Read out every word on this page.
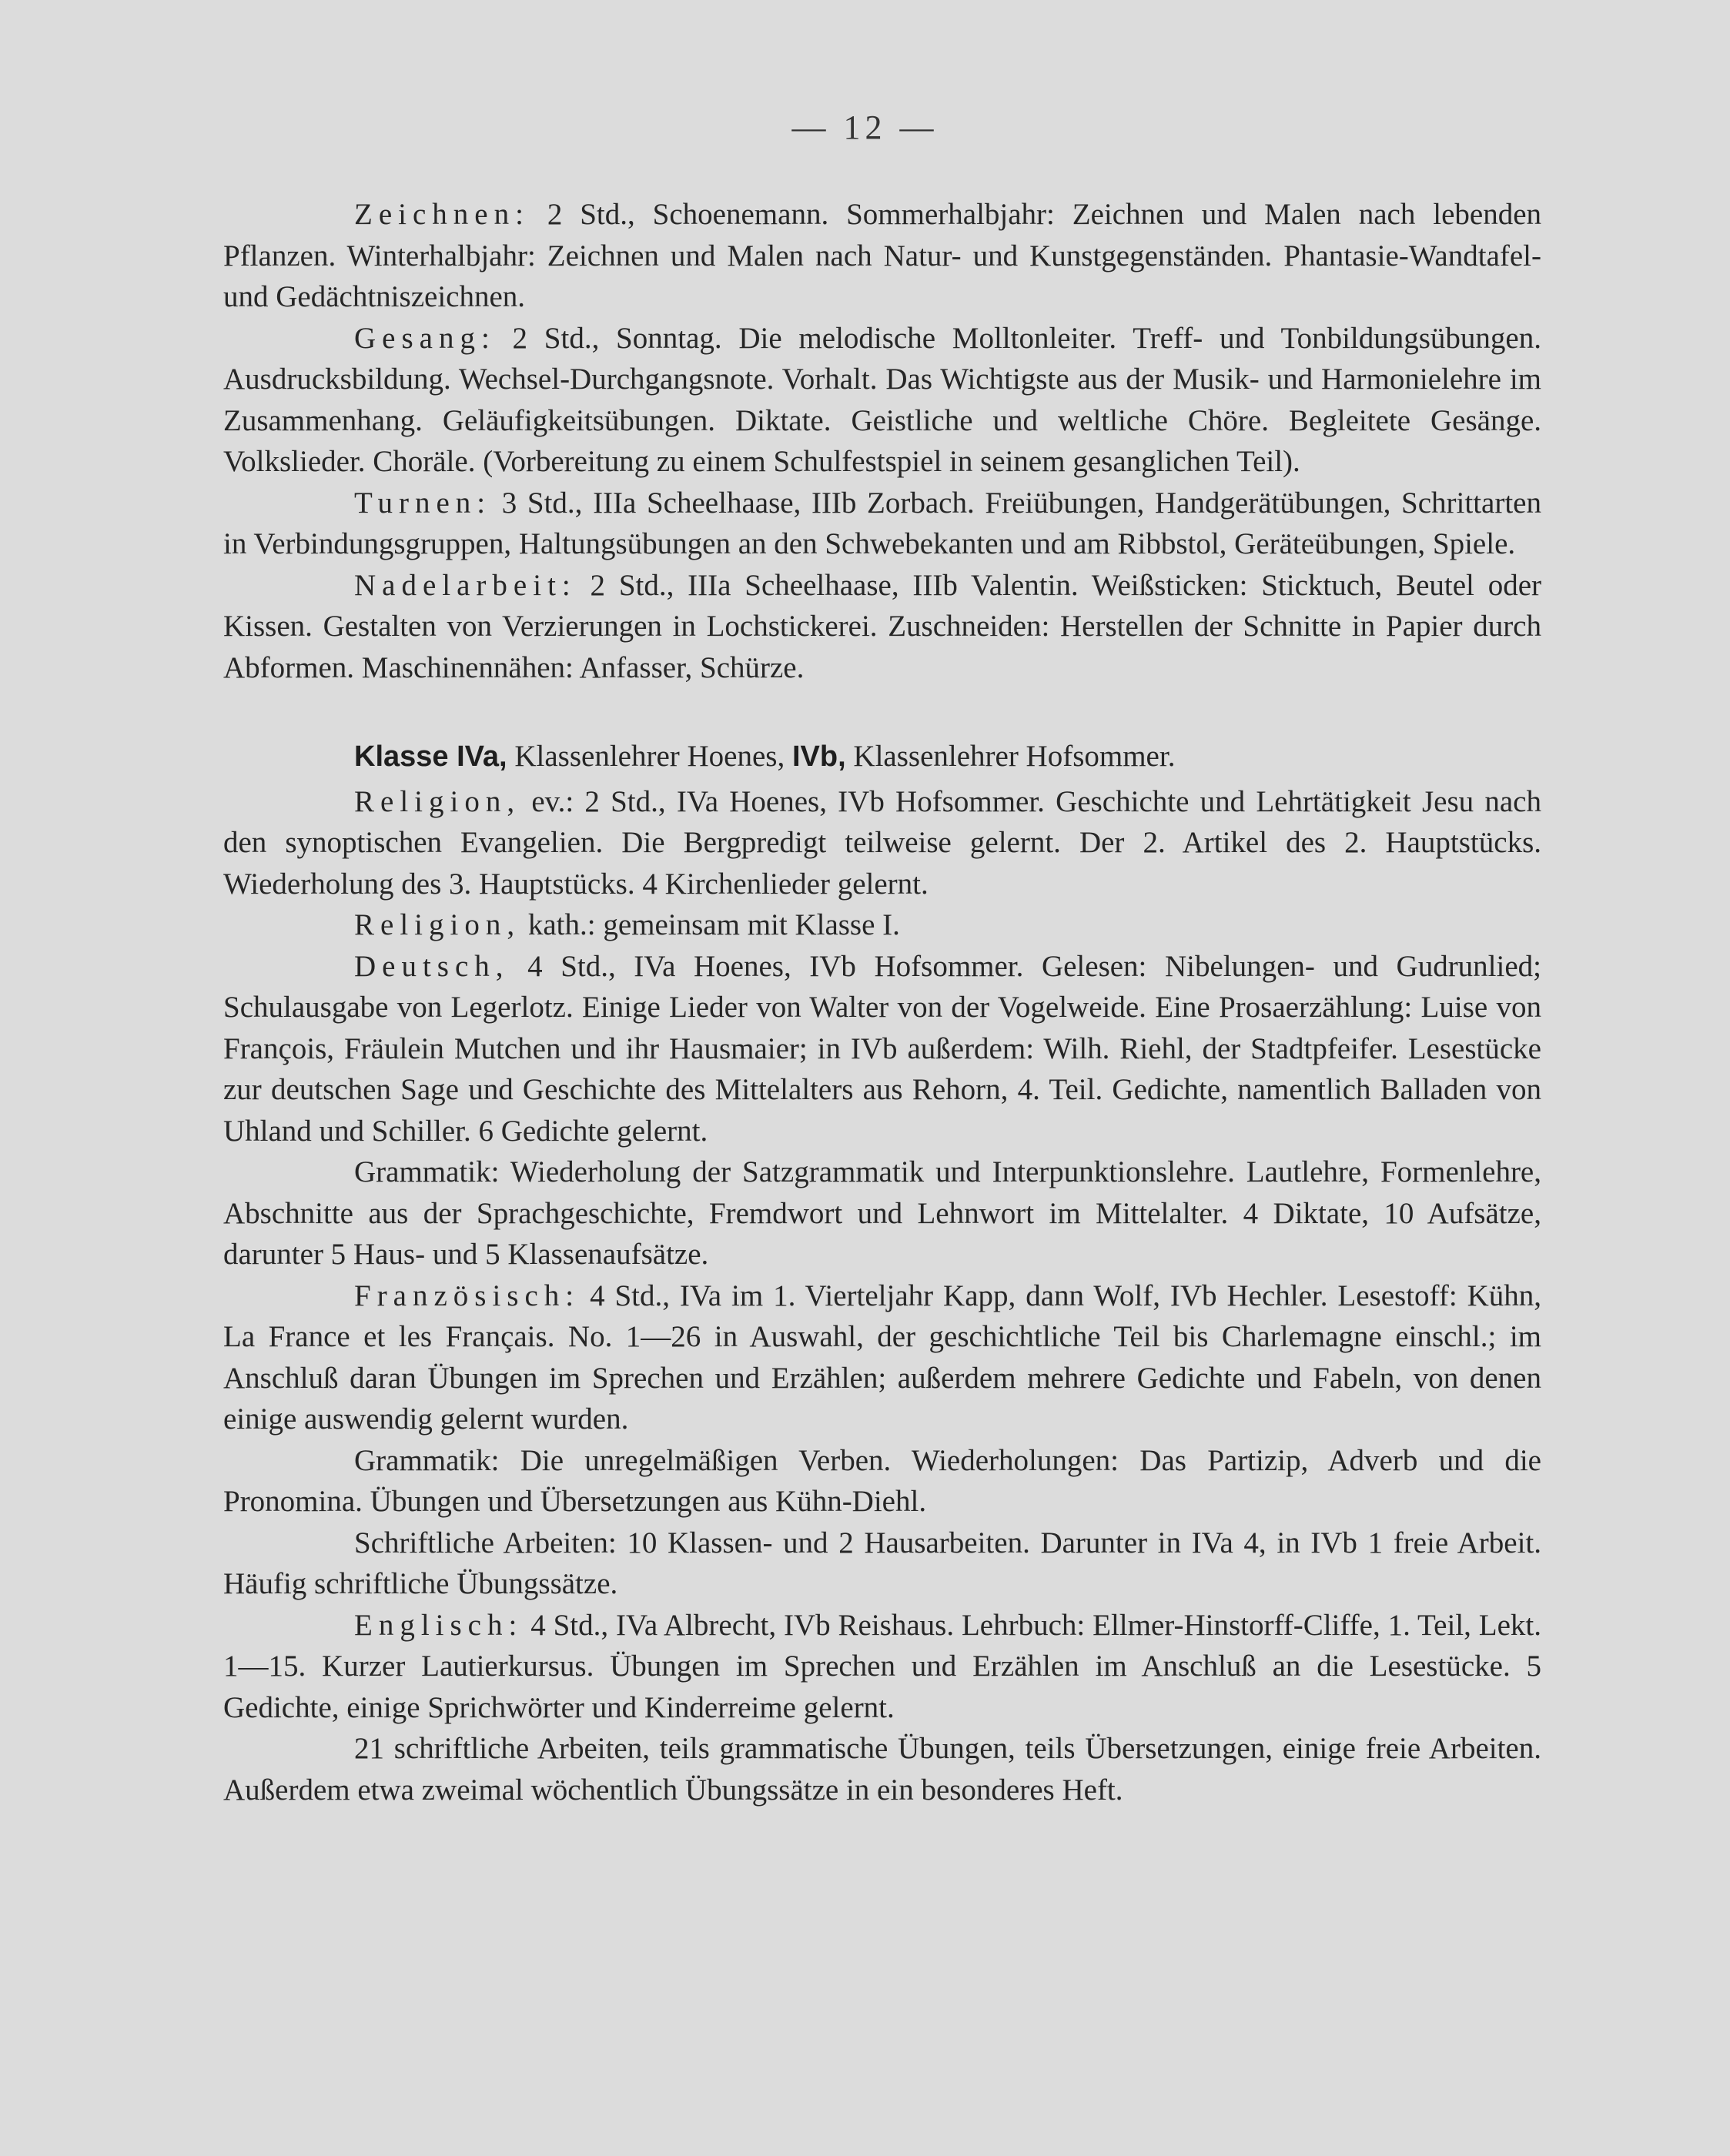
— 12 —

Zeichnen: 2 Std., Schoenemann. Sommerhalbjahr: Zeichnen und Malen nach lebenden Pflanzen. Winterhalbjahr: Zeichnen und Malen nach Natur- und Kunstgegenständen. Phantasie-Wandtafel- und Gedächtniszeichnen.

Gesang: 2 Std., Sonntag. Die melodische Molltonleiter. Treff- und Tonbildungsübungen. Ausdrucksbildung. Wechsel-Durchgangsnote. Vorhalt. Das Wichtigste aus der Musik- und Harmonielehre im Zusammenhang. Geläufigkeitsübungen. Diktate. Geistliche und weltliche Chöre. Begleitete Gesänge. Volkslieder. Choräle. (Vorbereitung zu einem Schulfestspiel in seinem gesanglichen Teil).

Turnen: 3 Std., IIIa Scheelhaase, IIIb Zorbach. Freiübungen, Handgerätübungen, Schrittarten in Verbindungsgruppen, Haltungsübungen an den Schwebekanten und am Ribbstol, Geräteübungen, Spiele.

Nadelarbeit: 2 Std., IIIa Scheelhaase, IIIb Valentin. Weißsticken: Sticktuch, Beutel oder Kissen. Gestalten von Verzierungen in Lochstickerei. Zuschneiden: Herstellen der Schnitte in Papier durch Abformen. Maschinennähen: Anfasser, Schürze.

Klasse IVa, Klassenlehrer Hoenes, IVb, Klassenlehrer Hofsommer.

Religion, ev.: 2 Std., IVa Hoenes, IVb Hofsommer. Geschichte und Lehrtätigkeit Jesu nach den synoptischen Evangelien. Die Bergpredigt teilweise gelernt. Der 2. Artikel des 2. Hauptstücks. Wiederholung des 3. Hauptstücks. 4 Kirchenlieder gelernt.

Religion, kath.: gemeinsam mit Klasse I.

Deutsch, 4 Std., IVa Hoenes, IVb Hofsommer. Gelesen: Nibelungen- und Gudrunlied; Schulausgabe von Legerlotz. Einige Lieder von Walter von der Vogelweide. Eine Prosaerzählung: Luise von François, Fräulein Mutchen und ihr Hausmaier; in IVb außerdem: Wilh. Riehl, der Stadtpfeifer. Lesestücke zur deutschen Sage und Geschichte des Mittelalters aus Rehorn, 4. Teil. Gedichte, namentlich Balladen von Uhland und Schiller. 6 Gedichte gelernt.

Grammatik: Wiederholung der Satzgrammatik und Interpunktionslehre. Lautlehre, Formenlehre, Abschnitte aus der Sprachgeschichte, Fremdwort und Lehnwort im Mittelalter. 4 Diktate, 10 Aufsätze, darunter 5 Haus- und 5 Klassenaufsätze.

Französisch: 4 Std., IVa im 1. Vierteljahr Kapp, dann Wolf, IVb Hechler. Lesestoff: Kühn, La France et les Français. No. 1—26 in Auswahl, der geschichtliche Teil bis Charlemagne einschl.; im Anschluß daran Übungen im Sprechen und Erzählen; außerdem mehrere Gedichte und Fabeln, von denen einige auswendig gelernt wurden.

Grammatik: Die unregelmäßigen Verben. Wiederholungen: Das Partizip, Adverb und die Pronomina. Übungen und Übersetzungen aus Kühn-Diehl.

Schriftliche Arbeiten: 10 Klassen- und 2 Hausarbeiten. Darunter in IVa 4, in IVb 1 freie Arbeit. Häufig schriftliche Übungssätze.

Englisch: 4 Std., IVa Albrecht, IVb Reishaus. Lehrbuch: Ellmer-Hinstorff-Cliffe, 1. Teil, Lekt. 1—15. Kurzer Lautierkursus. Übungen im Sprechen und Erzählen im Anschluß an die Lesestücke. 5 Gedichte, einige Sprichwörter und Kinderreime gelernt.

21 schriftliche Arbeiten, teils grammatische Übungen, teils Übersetzungen, einige freie Arbeiten. Außerdem etwa zweimal wöchentlich Übungssätze in ein besonderes Heft.
